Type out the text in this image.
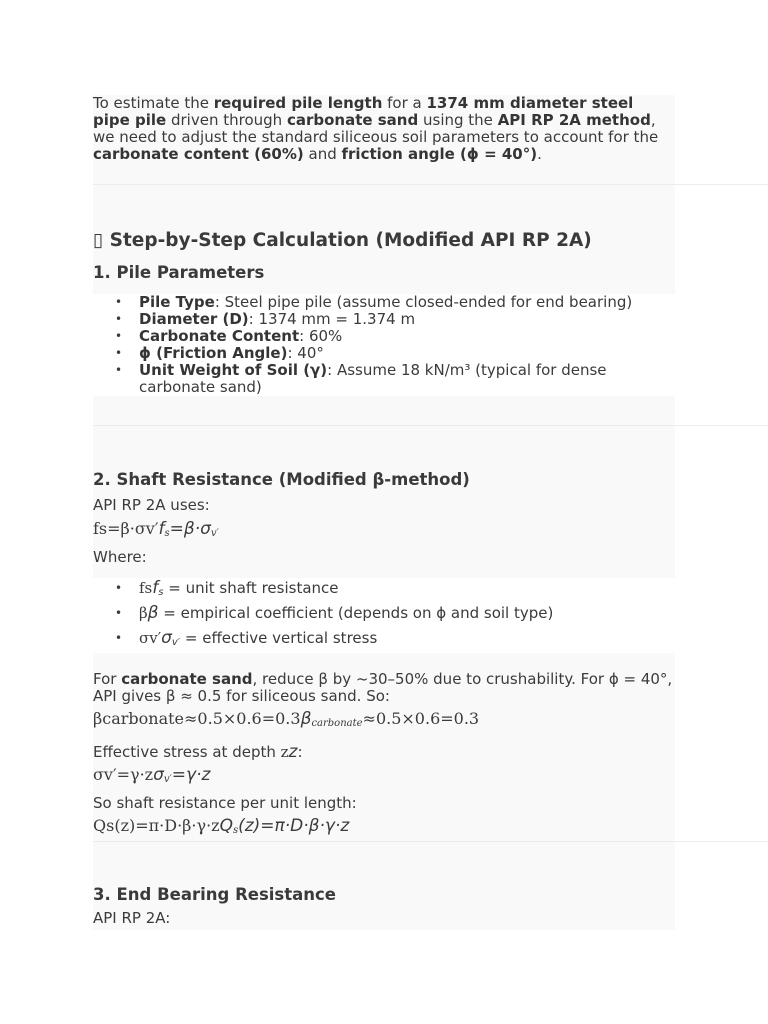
To estimate the required pile length for a 1374 mm diameter steel pipe pile driven through carbonate sand using the API RP 2A method, we need to adjust the standard siliceous soil parameters to account for the carbonate content (60%) and friction angle (ϕ = 40°).

▯ Step-by-Step Calculation (Modified API RP 2A)
1. Pile Parameters
• Pile Type: Steel pipe pile (assume closed-ended for end bearing)
• Diameter (D): 1374 mm = 1.374 m
• Carbonate Content: 60%
• ϕ (Friction Angle): 40°
• Unit Weight of Soil (γ): Assume 18 kN/m³ (typical for dense carbonate sand)
2. Shaft Resistance (Modified β-method)

API RP 2A uses:

$fs=\beta\cdot\sigma v'f_s=\beta\cdot\sigma_{v'}$

Where:

• fsf$_s$ = unit shaft resistance
• ββ = empirical coefficient (depends on ϕ and soil type)
• $\sigma v'\sigma_{v'}$ = effective vertical stress

For carbonate sand, reduce β by ~30–50% due to crushability. For ϕ = 40°, API gives β ≈ 0.5 for siliceous sand. So:

$\beta carbonate\approx 0.5\times 0.6=0.3\beta_{carbonate}\approx 0.5\times 0.6=0.3$

Effective stress at depth zz:

$\sigma v'=\gamma\cdot z\sigma_{v'}=\gamma\cdot z$

So shaft resistance per unit length:

$Qs(z)=\pi\cdot D\cdot\beta\cdot\gamma\cdot zQ_s(z)=\pi\cdot D\cdot\beta\cdot\gamma\cdot z$
3. End Bearing Resistance

API RP 2A:
